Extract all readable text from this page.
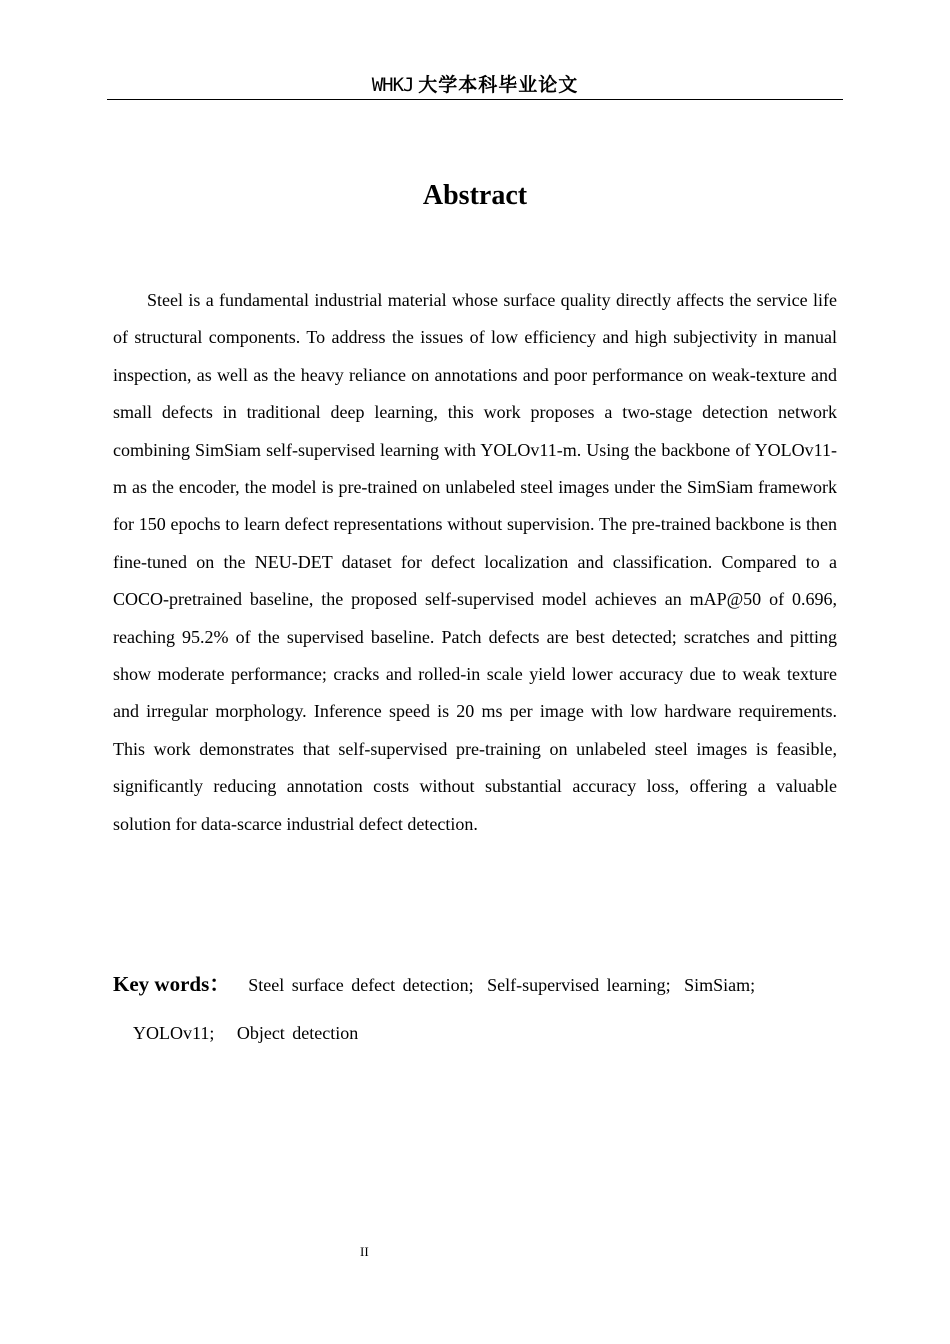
WHKJ 大学本科毕业论文
Abstract

Steel is a fundamental industrial material whose surface quality directly affects the service life of structural components. To address the issues of low efficiency and high subjectivity in manual inspection, as well as the heavy reliance on annotations and poor performance on weak-texture and small defects in traditional deep learning, this work proposes a two-stage detection network combining SimSiam self-supervised learning with YOLOv11-m. Using the backbone of YOLOv11-m as the encoder, the model is pre-trained on unlabeled steel images under the SimSiam framework for 150 epochs to learn defect representations without supervision. The pre-trained backbone is then fine-tuned on the NEU-DET dataset for defect localization and classification. Compared to a COCO-pretrained baseline, the proposed self-supervised model achieves an mAP@50 of 0.696, reaching 95.2% of the supervised baseline. Patch defects are best detected; scratches and pitting show moderate performance; cracks and rolled-in scale yield lower accuracy due to weak texture and irregular morphology. Inference speed is 20 ms per image with low hardware requirements. This work demonstrates that self-supervised pre-training on unlabeled steel images is feasible, significantly reducing annotation costs without substantial accuracy loss, offering a valuable solution for data-scarce industrial defect detection.

Key words： Steel surface defect detection; Self-supervised learning; SimSiam;
YOLOv11; Object detection
II
